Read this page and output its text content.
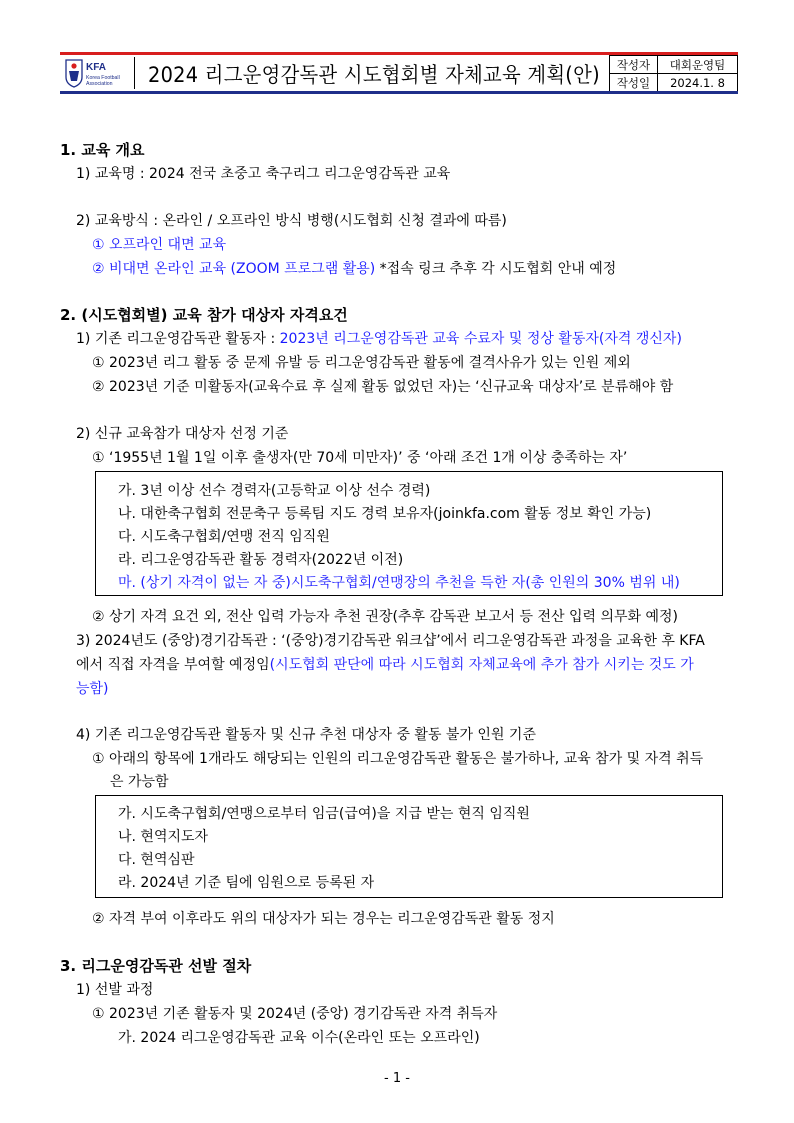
KFA
Korea Football
Association 2024 리그운영감독관 시도협회별 자체교육 계획(안) 작성자	대회운영팀
작성일	2024.1. 8
1. 교육 개요
1) 교육명 : 2024 전국 초중고 축구리그 리그운영감독관 교육
2) 교육방식 : 온라인 / 오프라인 방식 병행(시도협회 신청 결과에 따름)
① 오프라인 대면 교육
② 비대면 온라인 교육 (ZOOM 프로그램 활용) *접속 링크 추후 각 시도협회 안내 예정
2. (시도협회별) 교육 참가 대상자 자격요건
1) 기존 리그운영감독관 활동자 : 2023년 리그운영감독관 교육 수료자 및 정상 활동자(자격 갱신자)
① 2023년 리그 활동 중 문제 유발 등 리그운영감독관 활동에 결격사유가 있는 인원 제외
② 2023년 기준 미활동자(교육수료 후 실제 활동 없었던 자)는 ‘신규교육 대상자’로 분류해야 함
2) 신규 교육참가 대상자 선정 기준
① ‘1955년 1월 1일 이후 출생자(만 70세 미만자)’ 중 ‘아래 조건 1개 이상 충족하는 자’
가. 3년 이상 선수 경력자(고등학교 이상 선수 경력)
나. 대한축구협회 전문축구 등록팀 지도 경력 보유자(joinkfa.com 활동 정보 확인 가능)
다. 시도축구협회/연맹 전직 임직원
라. 리그운영감독관 활동 경력자(2022년 이전)
마. (상기 자격이 없는 자 중)시도축구협회/연맹장의 추천을 득한 자(총 인원의 30% 범위 내)
② 상기 자격 요건 외, 전산 입력 가능자 추천 권장(추후 감독관 보고서 등 전산 입력 의무화 예정)
3) 2024년도 (중앙)경기감독관 : ‘(중앙)경기감독관 워크샵’에서 리그운영감독관 과정을 교육한 후 KFA
에서 직접 자격을 부여할 예정임(시도협회 판단에 따라 시도협회 자체교육에 추가 참가 시키는 것도 가
능함)
4) 기존 리그운영감독관 활동자 및 신규 추천 대상자 중 활동 불가 인원 기준
① 아래의 항목에 1개라도 해당되는 인원의 리그운영감독관 활동은 불가하나, 교육 참가 및 자격 취득
은 가능함
가. 시도축구협회/연맹으로부터 임금(급여)을 지급 받는 현직 임직원
나. 현역지도자
다. 현역심판
라. 2024년 기준 팀에 임원으로 등록된 자
② 자격 부여 이후라도 위의 대상자가 되는 경우는 리그운영감독관 활동 정지
3. 리그운영감독관 선발 절차
1) 선발 과정
① 2023년 기존 활동자 및 2024년 (중앙) 경기감독관 자격 취득자
가. 2024 리그운영감독관 교육 이수(온라인 또는 오프라인)
- 1 -
